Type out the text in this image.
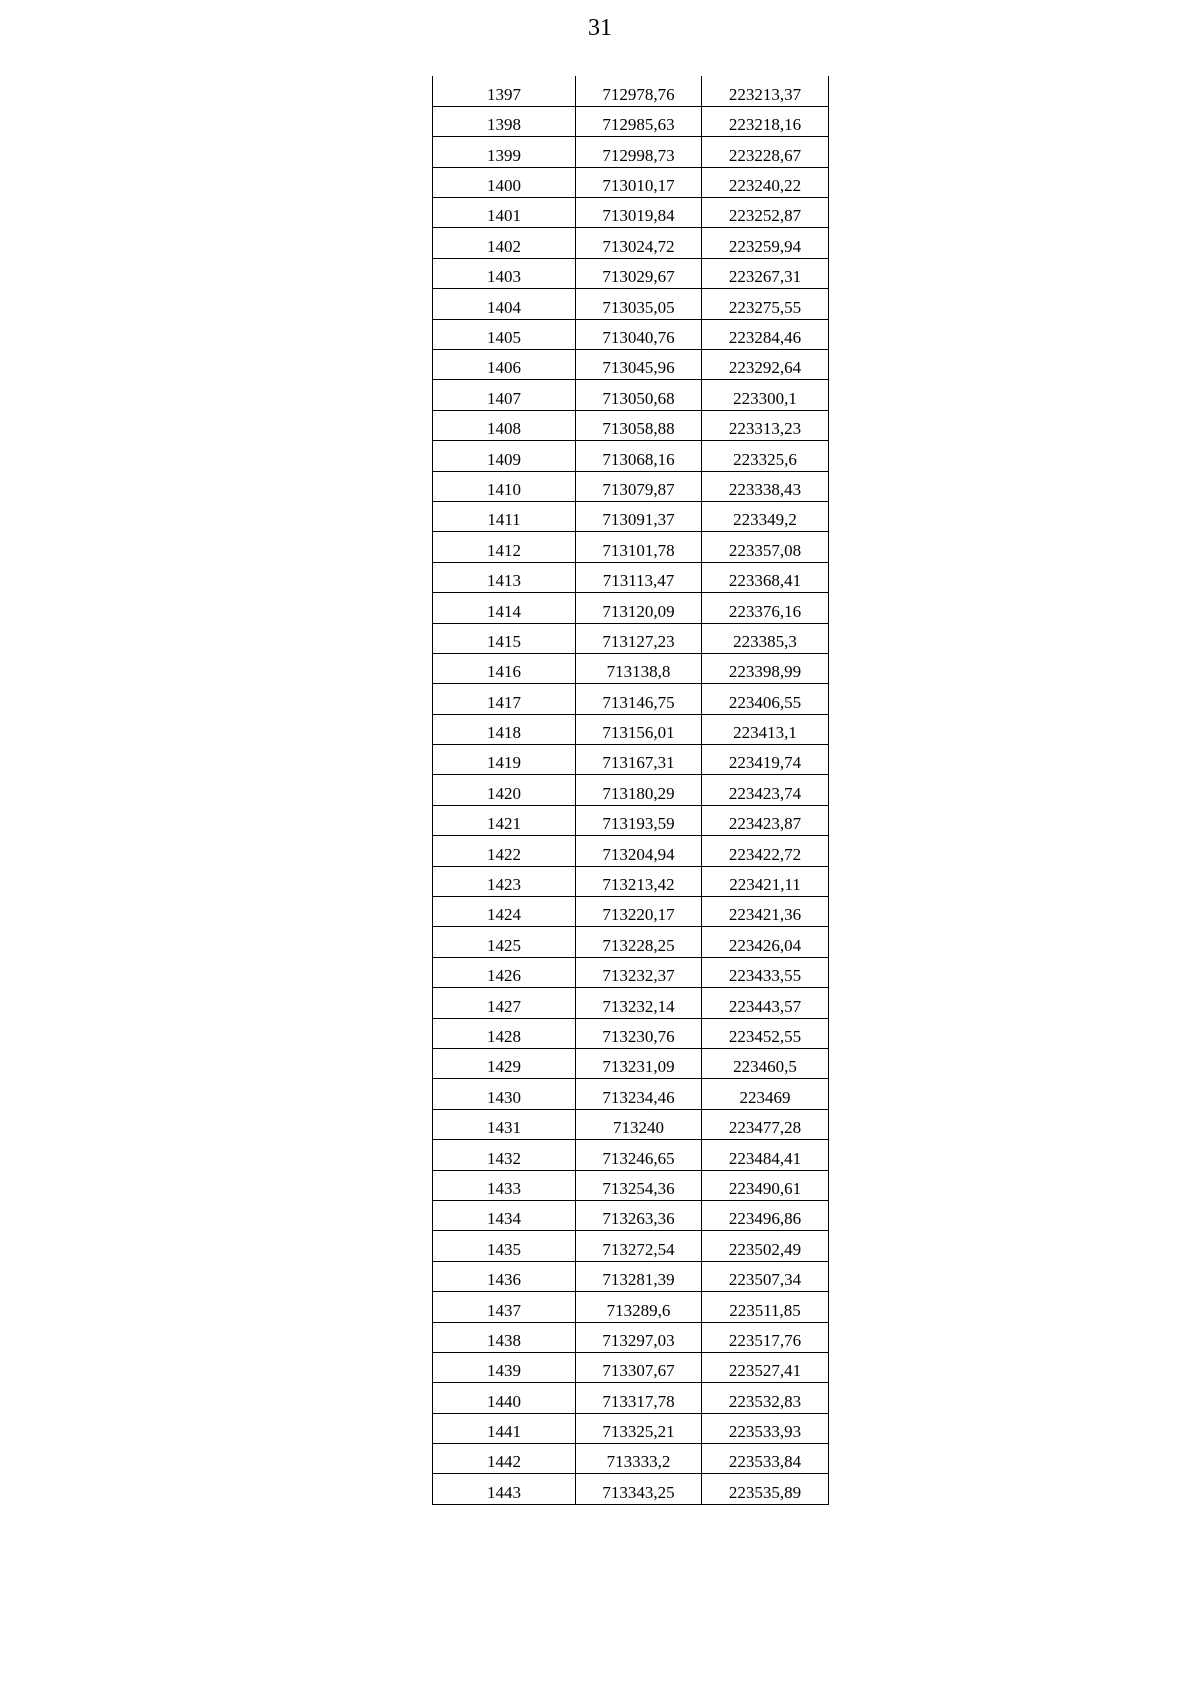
31
1397	712978,76	223213,37
1398	712985,63	223218,16
1399	712998,73	223228,67
1400	713010,17	223240,22
1401	713019,84	223252,87
1402	713024,72	223259,94
1403	713029,67	223267,31
1404	713035,05	223275,55
1405	713040,76	223284,46
1406	713045,96	223292,64
1407	713050,68	223300,1
1408	713058,88	223313,23
1409	713068,16	223325,6
1410	713079,87	223338,43
1411	713091,37	223349,2
1412	713101,78	223357,08
1413	713113,47	223368,41
1414	713120,09	223376,16
1415	713127,23	223385,3
1416	713138,8	223398,99
1417	713146,75	223406,55
1418	713156,01	223413,1
1419	713167,31	223419,74
1420	713180,29	223423,74
1421	713193,59	223423,87
1422	713204,94	223422,72
1423	713213,42	223421,11
1424	713220,17	223421,36
1425	713228,25	223426,04
1426	713232,37	223433,55
1427	713232,14	223443,57
1428	713230,76	223452,55
1429	713231,09	223460,5
1430	713234,46	223469
1431	713240	223477,28
1432	713246,65	223484,41
1433	713254,36	223490,61
1434	713263,36	223496,86
1435	713272,54	223502,49
1436	713281,39	223507,34
1437	713289,6	223511,85
1438	713297,03	223517,76
1439	713307,67	223527,41
1440	713317,78	223532,83
1441	713325,21	223533,93
1442	713333,2	223533,84
1443	713343,25	223535,89
